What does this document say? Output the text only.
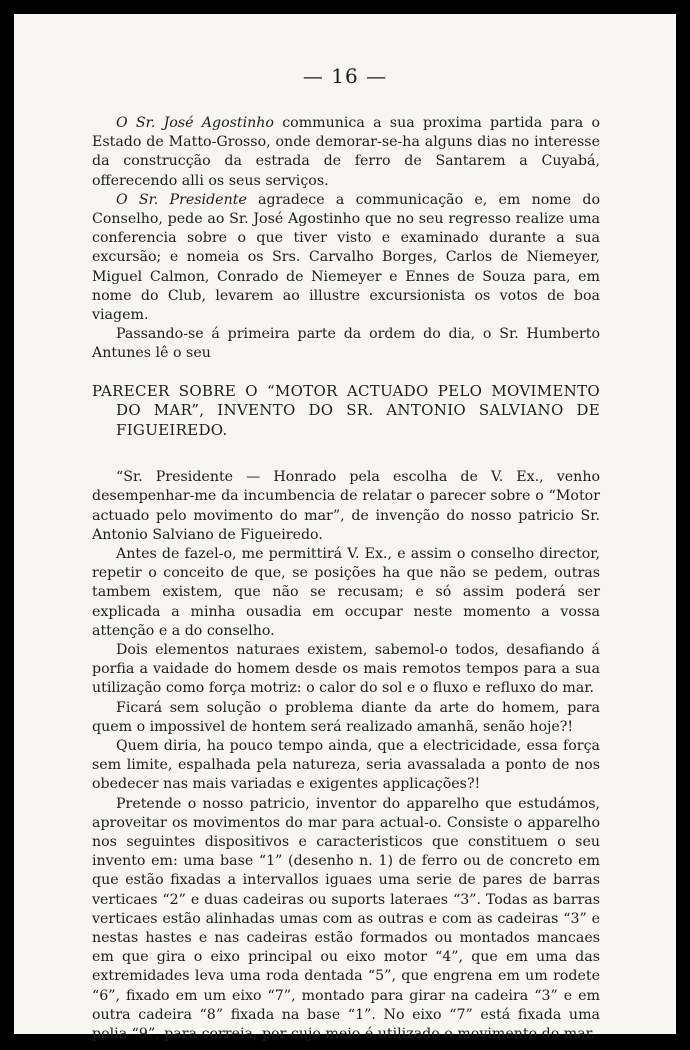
— 16 —

O Sr. José Agostinho communica a sua proxima partida para o Estado de Matto-Grosso, onde demorar-se-ha alguns dias no interesse da construcção da estrada de ferro de Santarem a Cuyabá, offerecendo alli os seus serviços.

O Sr. Presidente agradece a communicação e, em nome do Conselho, pede ao Sr. José Agostinho que no seu regresso realize uma conferencia sobre o que tiver visto e examinado durante a sua excursão; e nomeia os Srs. Carvalho Borges, Carlos de Niemeyer, Miguel Calmon, Conrado de Niemeyer e Ennes de Souza para, em nome do Club, levarem ao illustre excursionista os votos de boa viagem.

Passando-se á primeira parte da ordem do dia, o Sr. Humberto Antunes lê o seu

PARECER SOBRE O “MOTOR ACTUADO PELO MOVIMENTO
DO MAR”, INVENTO DO SR. ANTONIO SALVIANO DE
FIGUEIREDO.

“Sr. Presidente — Honrado pela escolha de V. Ex., venho desempenhar-me da incumbencia de relatar o parecer sobre o “Motor actuado pelo movimento do mar”, de invenção do nosso patricio Sr. Antonio Salviano de Figueiredo.

Antes de fazel-o, me permittirá V. Ex., e assim o conselho director, repetir o conceito de que, se posições ha que não se pedem, outras tambem existem, que não se recusam; e só assim poderá ser explicada a minha ousadia em occupar neste momento a vossa attenção e a do conselho.

Dois elementos naturaes existem, sabemol-o todos, desafiando á porfia a vaidade do homem desde os mais remotos tempos para a sua utilização como força motriz: o calor do sol e o fluxo e refluxo do mar.

Ficará sem solução o problema diante da arte do homem, para quem o impossivel de hontem será realizado amanhã, senão hoje?!

Quem diria, ha pouco tempo ainda, que a electricidade, essa força sem limite, espalhada pela natureza, seria avassalada a ponto de nos obedecer nas mais variadas e exigentes applicações?!

Pretende o nosso patricio, inventor do apparelho que estudámos, aproveitar os movimentos do mar para actual-o. Consiste o apparelho nos seguintes dispositivos e caracteristicos que constituem o seu invento em: uma base “1” (desenho n. 1) de ferro ou de concreto em que estão fixadas a intervallos iguaes uma serie de pares de barras verticaes “2” e duas cadeiras ou suports lateraes “3”. Todas as barras verticaes estão alinhadas umas com as outras e com as cadeiras “3” e nestas hastes e nas cadeiras estão formados ou montados mancaes em que gira o eixo principal ou eixo motor “4”, que em uma das extremidades leva uma roda dentada “5”, que engrena em um rodete “6”, fixado em um eixo “7”, montado para girar na cadeira “3” e em outra cadeira “8” fixada na base “1”. No eixo “7” está fixada uma polia “9”, para correia, por cujo meio é utilizado o movimento do mar.
